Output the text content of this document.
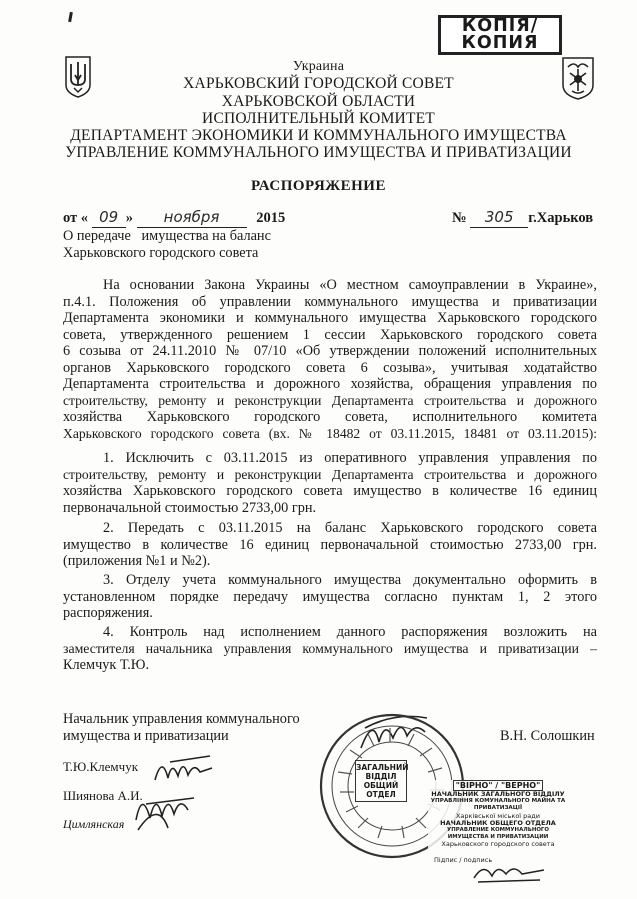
КОПІЯ/
КОПИЯ
Украина
ХАРЬКОВСКИЙ ГОРОДСКОЙ СОВЕТ
ХАРЬКОВСКОЙ ОБЛАСТИ
ИСПОЛНИТЕЛЬНЫЙ КОМИТЕТ
ДЕПАРТАМЕНТ ЭКОНОМИКИ И КОММУНАЛЬНОГО ИМУЩЕСТВА
УПРАВЛЕНИЕ КОММУНАЛЬНОГО ИМУЩЕСТВА И ПРИВАТИЗАЦИИ
РАСПОРЯЖЕНИЕ
от « 09 » ноября	2015	№ 305 г.Харьков
О передаче   имущества на баланс
Харьковского городского совета
На основании Закона Украины «О местном самоуправлении в Украине»,
п.4.1. Положения об управлении коммунального имущества и приватизации
Департамента экономики и коммунального имущества Харьковского городского
совета, утвержденного решением 1 сессии Харьковского городского совета
6 созыва от 24.11.2010 № 07/10 «Об утверждении положений исполнительных
органов Харьковского городского совета 6 созыва», учитывая ходатайство
Департамента строительства и дорожного хозяйства, обращения управления по
строительству, ремонту и реконструкции Департамента строительства и дорожного
хозяйства Харьковского городского совета, исполнительного комитета
Харьковского городского совета (вх. № 18482 от 03.11.2015, 18481 от 03.11.2015):
1. Исключить с 03.11.2015 из оперативного управления управления по
строительству, ремонту и реконструкции Департамента строительства и дорожного
хозяйства Харьковского городского совета имущество в количестве 16 единиц
первоначальной стоимостью 2733,00 грн.
2. Передать с 03.11.2015 на баланс Харьковского городского совета
имущество в количестве 16 единиц первоначальной стоимостью 2733,00 грн.
(приложения №1 и №2).
3. Отделу учета коммунального имущества документально оформить в
установленном порядке передачу имущества согласно пунктам 1, 2 этого
распоряжения.
4. Контроль над исполнением данного распоряжения возложить на
заместителя начальника управления коммунального имущества и приватизации –
Клемчук Т.Ю.
Начальник управления коммунального
имущества и приватизации	В.Н. Солошкин
Т.Ю.Клемчук
Шиянова А.И.
Цимлянская
ЗАГАЛЬНИЙ
ВІДДІЛ
ОБЩИЙ ОТДЕЛ
"ВІРНО" / "ВЕРНО"
НАЧАЛЬНИК ЗАГАЛЬНОГО ВІДДІЛУ
УПРАВЛІННЯ КОМУНАЛЬНОГО МАЙНА ТА ПРИВАТИЗАЦІЇ
Харківської міської ради
НАЧАЛЬНИК ОБЩЕГО ОТДЕЛА
УПРАВЛЕНИЕ КОММУНАЛЬНОГО ИМУЩЕСТВА И ПРИВАТИЗАЦИИ
Харьковского городского совета
Підпис / подпись
